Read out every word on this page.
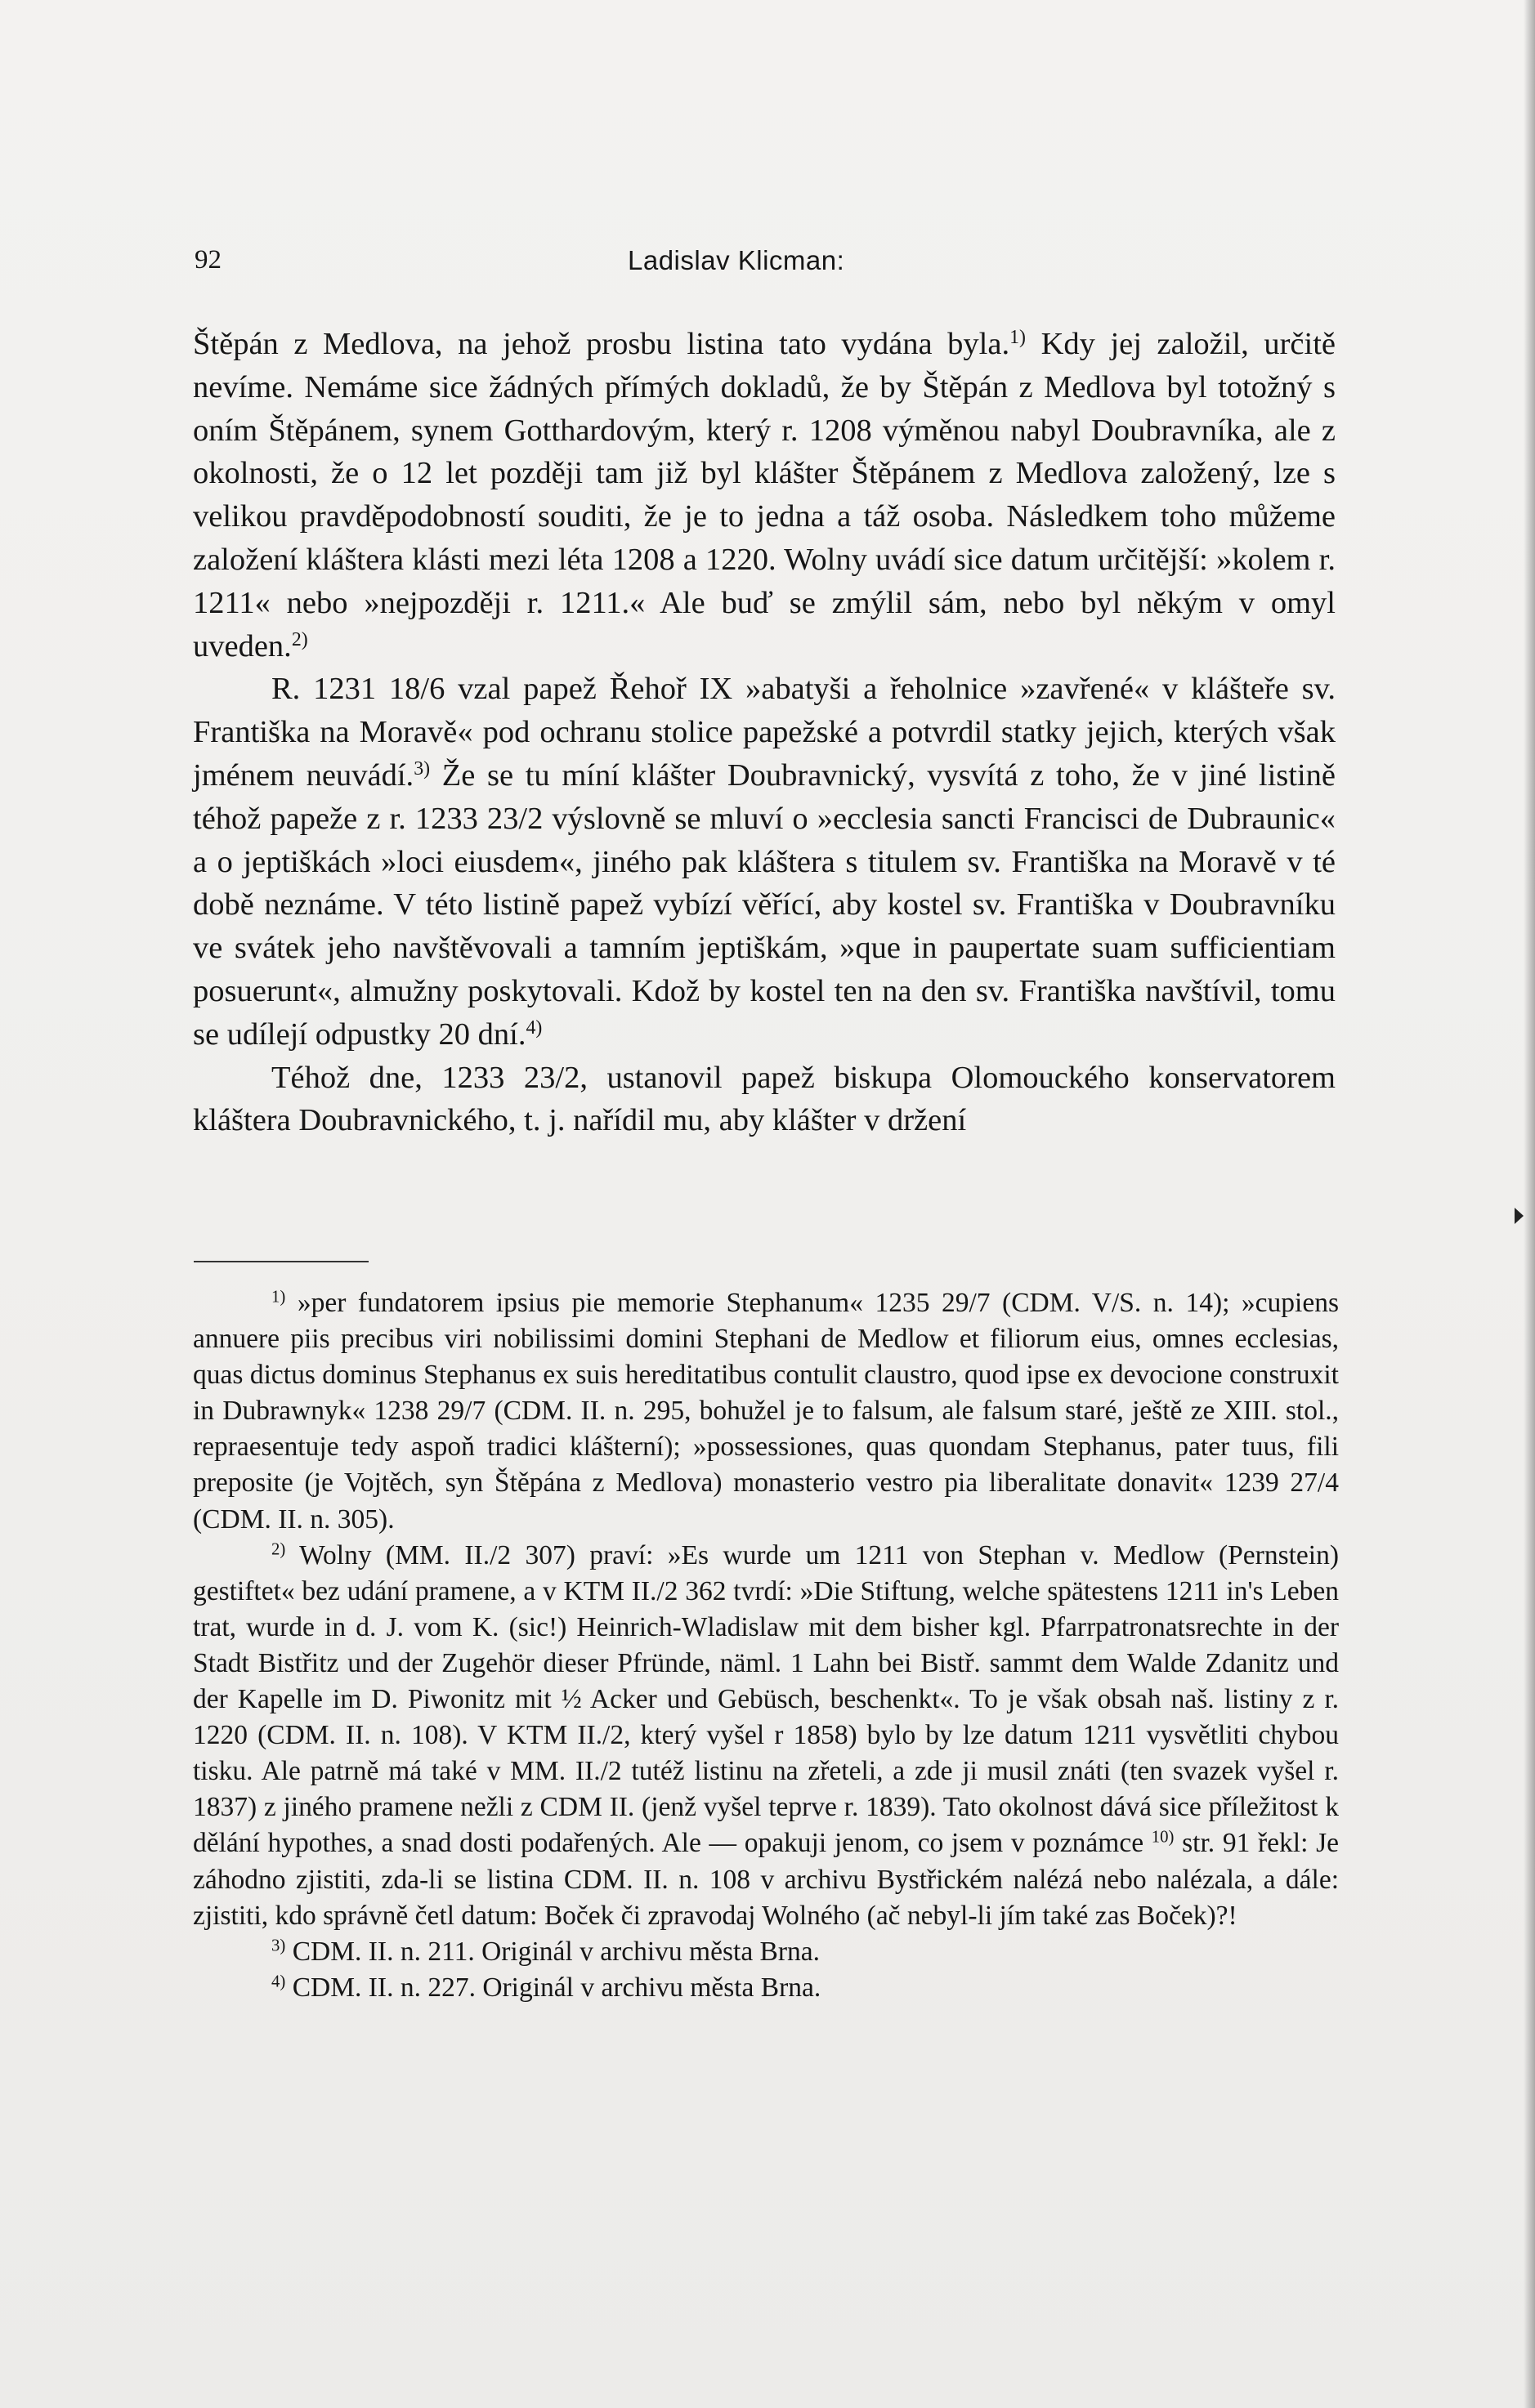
92	Ladislav Klicman:

Štěpán z Medlova, na jehož prosbu listina tato vydána byla.$^{1)}$ Kdy jej založil, určitě nevíme. Nemáme sice žádných přímých dokladů, že by Štěpán z Medlova byl totožný s oním Štěpánem, synem Gotthardovým, který r. 1208 výměnou nabyl Doubravníka, ale z okolnosti, že o 12 let později tam již byl klášter Štěpánem z Medlova založený, lze s velikou pravděpodobností souditi, že je to jedna a táž osoba. Následkem toho můžeme založení kláštera klásti mezi léta 1208 a 1220. Wolny uvádí sice datum určitější: »kolem r. 1211« nebo »nejpozději r. 1211.« Ale buď se zmýlil sám, nebo byl někým v omyl uveden.$^{2)}$

R. 1231 18/6 vzal papež Řehoř IX »abatyši a řeholnice »zavřené« v klášteře sv. Františka na Moravě« pod ochranu stolice papežské a potvrdil statky jejich, kterých však jménem neuvádí.$^{3)}$ Že se tu míní klášter Doubravnický, vysvítá z toho, že v jiné listině téhož papeže z r. 1233 23/2 výslovně se mluví o »ecclesia sancti Francisci de Dubraunic« a o jeptiškách »loci eiusdem«, jiného pak kláštera s titulem sv. Františka na Moravě v té době neznáme. V této listině papež vybízí věřící, aby kostel sv. Františka v Doubravníku ve svátek jeho navštěvovali a tamním jeptiškám, »que in paupertate suam sufficientiam posuerunt«, almužny poskytovali. Kdož by kostel ten na den sv. Františka navštívil, tomu se udílejí odpustky 20 dní.$^{4)}$

Téhož dne, 1233 23/2, ustanovil papež biskupa Olomouckého konservatorem kláštera Doubravnického, t. j. nařídil mu, aby klášter v držení

$^{1)}$ »per fundatorem ipsius pie memorie Stephanum« 1235 29/7 (CDM. V/S. n. 14); »cupiens annuere piis precibus viri nobilissimi domini Stephani de Medlow et filiorum eius, omnes ecclesias, quas dictus dominus Stephanus ex suis hereditatibus contulit claustro, quod ipse ex devocione construxit in Dubrawnyk« 1238 29/7 (CDM. II. n. 295, bohužel je to falsum, ale falsum staré, ještě ze XIII. stol., repraesentuje tedy aspoň tradici klášterní); »possessiones, quas quondam Stephanus, pater tuus, fili preposite (je Vojtěch, syn Štěpána z Medlova) monasterio vestro pia liberalitate donavit« 1239 27/4 (CDM. II. n. 305).

$^{2)}$ Wolny (MM. II./2 307) praví: »Es wurde um 1211 von Stephan v. Medlow (Pernstein) gestiftet« bez udání pramene, a v KTM II./2 362 tvrdí: »Die Stiftung, welche spätestens 1211 in's Leben trat, wurde in d. J. vom K. (sic!) Heinrich-Wladislaw mit dem bisher kgl. Pfarrpatronatsrechte in der Stadt Bistřitz und der Zugehör dieser Pfründe, näml. 1 Lahn bei Bistř. sammt dem Walde Zdanitz und der Kapelle im D. Piwonitz mit ½ Acker und Gebüsch, beschenkt«. To je však obsah naš. listiny z r. 1220 (CDM. II. n. 108). V KTM II./2, který vyšel r 1858) bylo by lze datum 1211 vysvětliti chybou tisku. Ale patrně má také v MM. II./2 tutéž listinu na zřeteli, a zde ji musil znáti (ten svazek vyšel r. 1837) z jiného pramene nežli z CDM II. (jenž vyšel teprve r. 1839). Tato okolnost dává sice příležitost k dělání hypothes, a snad dosti podařených. Ale — opakuji jenom, co jsem v poznámce $^{10)}$ str. 91 řekl: Je záhodno zjistiti, zda-li se listina CDM. II. n. 108 v archivu Bystřickém nalézá nebo nalézala, a dále: zjistiti, kdo správně četl datum: Boček či zpravodaj Wolného (ač nebyl-li jím také zas Boček)?!

$^{3)}$ CDM. II. n. 211. Originál v archivu města Brna.

$^{4)}$ CDM. II. n. 227. Originál v archivu města Brna.
